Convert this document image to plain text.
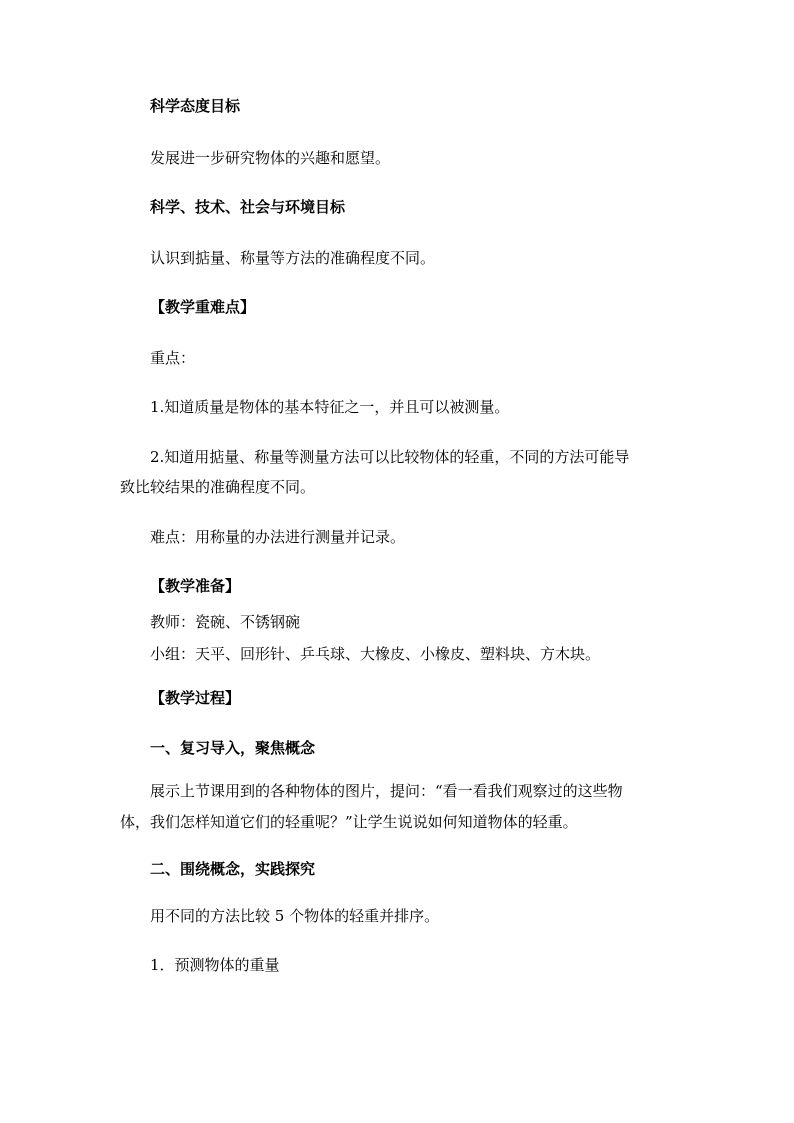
科学态度目标
发展进一步研究物体的兴趣和愿望。
科学、技术、社会与环境目标
认识到掂量、称量等方法的准确程度不同。
【教学重难点】
重点：
1.知道质量是物体的基本特征之一，并且可以被测量。
2.知道用掂量、称量等测量方法可以比较物体的轻重，不同的方法可能导
致比较结果的准确程度不同。
难点：用称量的办法进行测量并记录。
【教学准备】
教师：瓷碗、不锈钢碗
小组：天平、回形针、乒乓球、大橡皮、小橡皮、塑料块、方木块。
【教学过程】
一、复习导入，聚焦概念
展示上节课用到的各种物体的图片，提问：“看一看我们观察过的这些物
体，我们怎样知道它们的轻重呢？”让学生说说如何知道物体的轻重。
二、围绕概念，实践探究
用不同的方法比较 5 个物体的轻重并排序。
1．预测物体的重量
